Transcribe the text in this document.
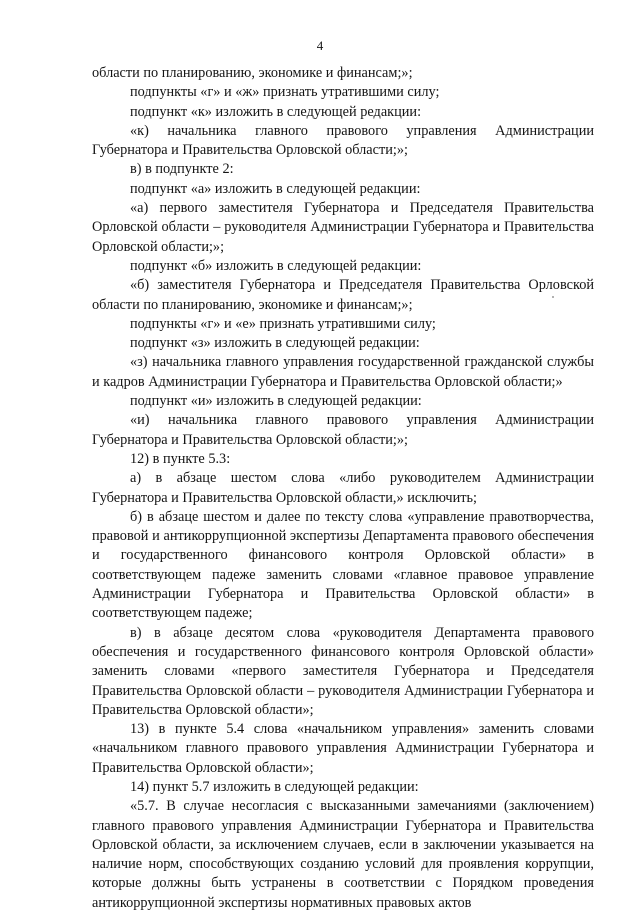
4

области по планированию, экономике и финансам;»;

подпункты «г» и «ж» признать утратившими силу;

подпункт «к» изложить в следующей редакции:

«к) начальника главного правового управления Администрации Губернатора и Правительства Орловской области;»;

в) в подпункте 2:

подпункт «а» изложить в следующей редакции:

«а) первого заместителя Губернатора и Председателя Правительства Орловской области – руководителя Администрации Губернатора и Правительства Орловской области;»;

подпункт «б» изложить в следующей редакции:

«б) заместителя Губернатора и Председателя Правительства Орловской области по планированию, экономике и финансам;»;

подпункты «г» и «е» признать утратившими силу;

подпункт «з» изложить в следующей редакции:

«з) начальника главного управления государственной гражданской службы и кадров Администрации Губернатора и Правительства Орловской области;»

подпункт «и» изложить в следующей редакции:

«и) начальника главного правового управления Администрации Губернатора и Правительства Орловской области;»;

12) в пункте 5.3:

а) в абзаце шестом слова «либо руководителем Администрации Губернатора и Правительства Орловской области,» исключить;

б) в абзаце шестом и далее по тексту слова «управление правотворчества, правовой и антикоррупционной экспертизы Департамента правового обеспечения и государственного финансового контроля Орловской области» в соответствующем падеже заменить словами «главное правовое управление Администрации Губернатора и Правительства Орловской области» в соответствующем падеже;

в) в абзаце десятом слова «руководителя Департамента правового обеспечения и государственного финансового контроля Орловской области» заменить словами «первого заместителя Губернатора и Председателя Правительства Орловской области – руководителя Администрации Губернатора и Правительства Орловской области»;

13) в пункте 5.4 слова «начальником управления» заменить словами «начальником главного правового управления Администрации Губернатора и Правительства Орловской области»;

14) пункт 5.7 изложить в следующей редакции:

«5.7. В случае несогласия с высказанными замечаниями (заключением) главного правового управления Администрации Губернатора и Правительства Орловской области, за исключением случаев, если в заключении указывается на наличие норм, способствующих созданию условий для проявления коррупции, которые должны быть устранены в соответствии с Порядком проведения антикоррупционной экспертизы нормативных правовых актов
